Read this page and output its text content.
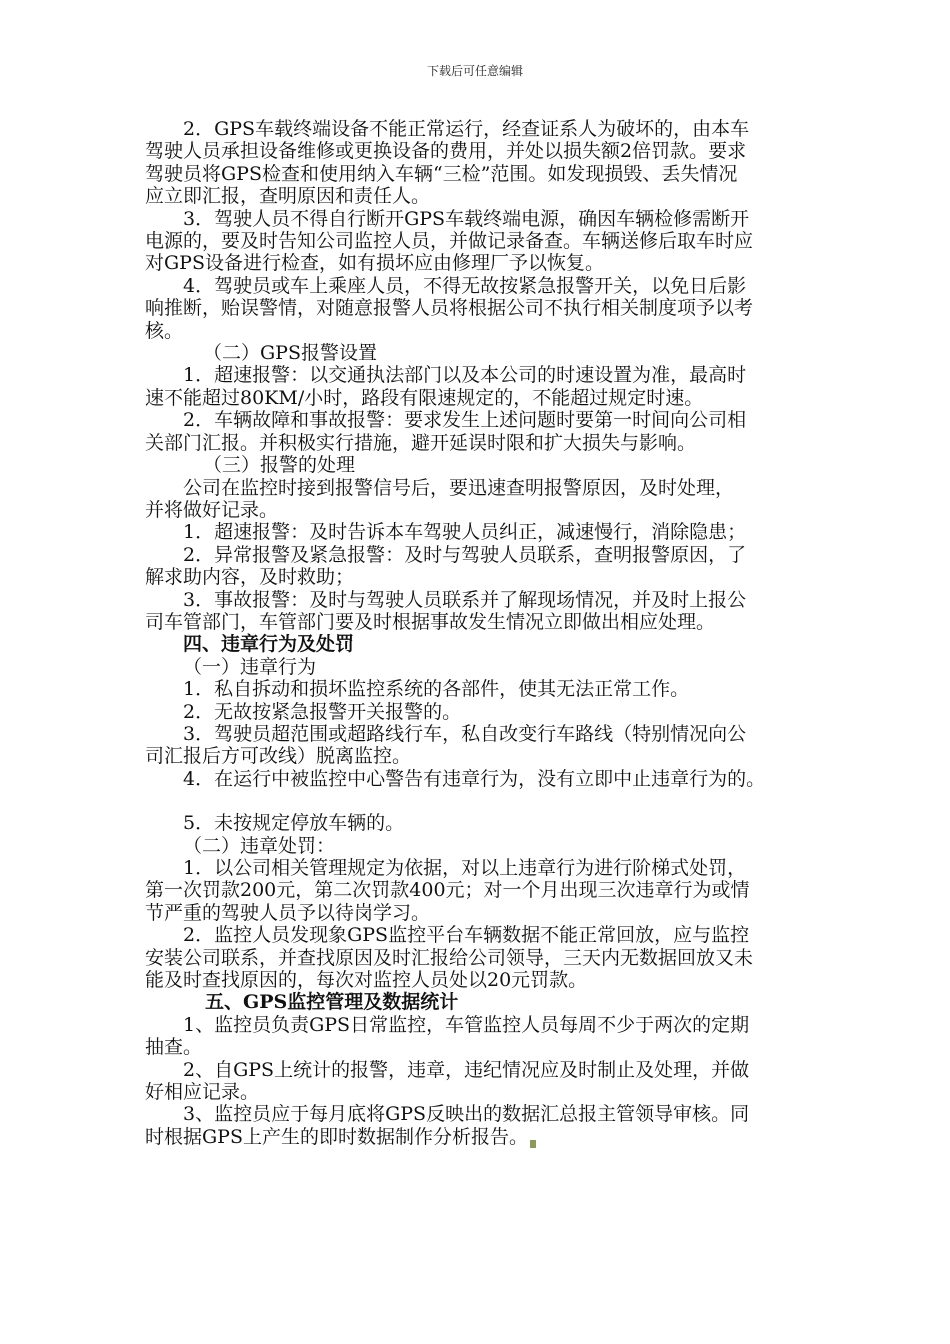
下载后可任意编辑

2．GPS车载终端设备不能正常运行，经查证系人为破坏的，由本车

驾驶人员承担设备维修或更换设备的费用，并处以损失额2倍罚款。要求

驾驶员将GPS检查和使用纳入车辆“三检”范围。如发现损毁、丢失情况

应立即汇报，查明原因和责任人。

3．驾驶人员不得自行断开GPS车载终端电源，确因车辆检修需断开

电源的，要及时告知公司监控人员，并做记录备查。车辆送修后取车时应

对GPS设备进行检查，如有损坏应由修理厂予以恢复。

4．驾驶员或车上乘座人员，不得无故按紧急报警开关，以免日后影

响推断，贻误警情，对随意报警人员将根据公司不执行相关制度项予以考

核。

（二）GPS报警设置

1．超速报警：以交通执法部门以及本公司的时速设置为准，最高时

速不能超过80KM/小时，路段有限速规定的，不能超过规定时速。

2．车辆故障和事故报警：要求发生上述问题时要第一时间向公司相

关部门汇报。并积极实行措施，避开延误时限和扩大损失与影响。

（三）报警的处理

公司在监控时接到报警信号后，要迅速查明报警原因，及时处理，

并将做好记录。

1．超速报警：及时告诉本车驾驶人员纠正，减速慢行，消除隐患；

2．异常报警及紧急报警：及时与驾驶人员联系，查明报警原因，了

解求助内容，及时救助；

3．事故报警：及时与驾驶人员联系并了解现场情况，并及时上报公

司车管部门，车管部门要及时根据事故发生情况立即做出相应处理。

四、违章行为及处罚

（一）违章行为

1．私自拆动和损坏监控系统的各部件，使其无法正常工作。

2．无故按紧急报警开关报警的。

3．驾驶员超范围或超路线行车，私自改变行车路线（特别情况向公

司汇报后方可改线）脱离监控。

4．在运行中被监控中心警告有违章行为，没有立即中止违章行为的。

5．未按规定停放车辆的。

（二）违章处罚：

1．以公司相关管理规定为依据，对以上违章行为进行阶梯式处罚，

第一次罚款200元，第二次罚款400元；对一个月出现三次违章行为或情

节严重的驾驶人员予以待岗学习。

2．监控人员发现象GPS监控平台车辆数据不能正常回放，应与监控

安装公司联系，并查找原因及时汇报给公司领导，三天内无数据回放又未

能及时查找原因的，每次对监控人员处以20元罚款。

五、GPS监控管理及数据统计

1、监控员负责GPS日常监控，车管监控人员每周不少于两次的定期

抽查。

2、自GPS上统计的报警，违章，违纪情况应及时制止及处理，并做

好相应记录。

3、监控员应于每月底将GPS反映出的数据汇总报主管领导审核。同

时根据GPS上产生的即时数据制作分析报告。
